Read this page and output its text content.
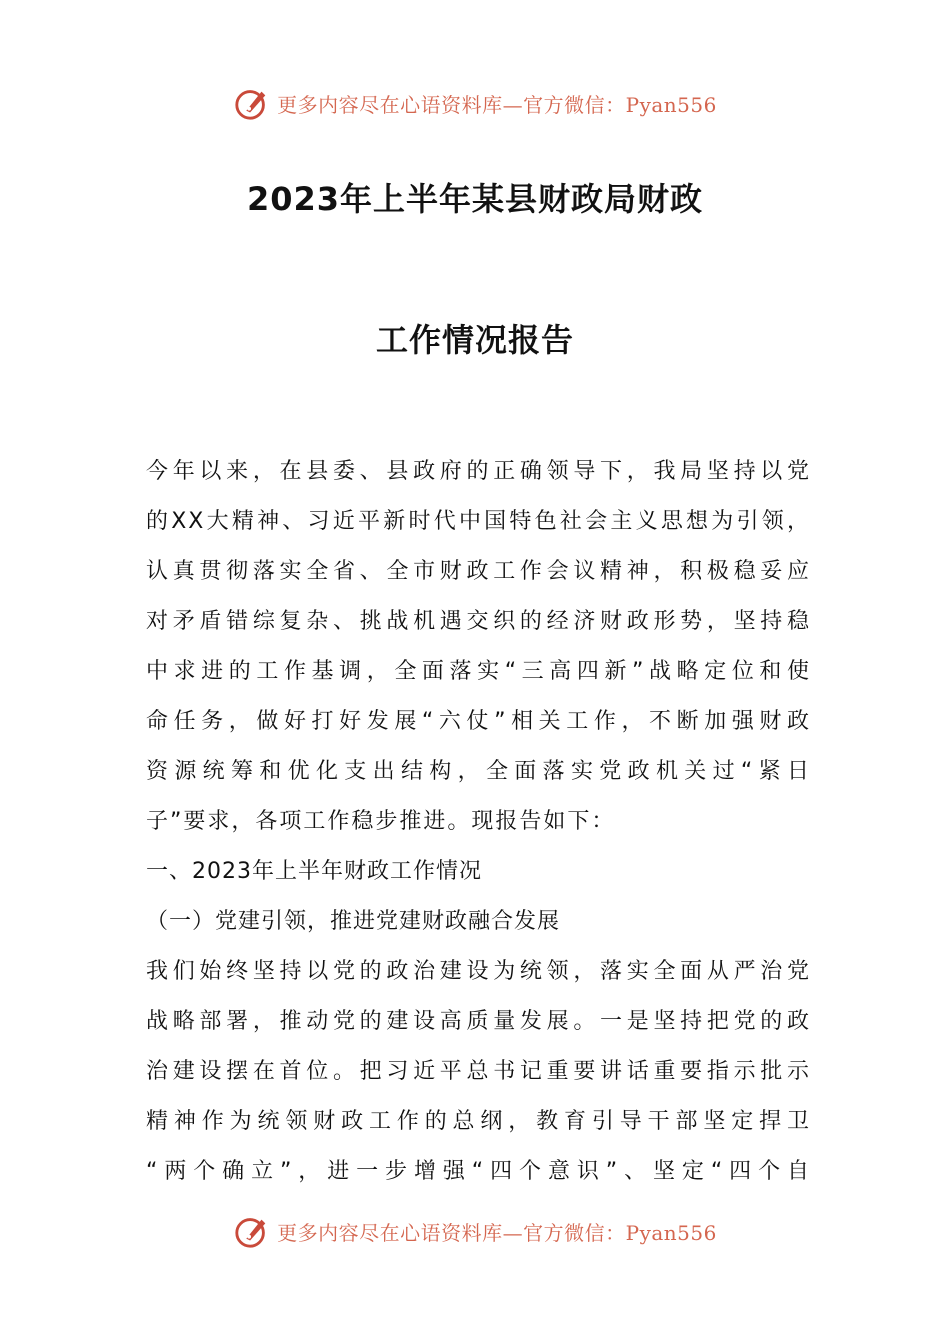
更多内容尽在心语资料库—官方微信：Pyan556
2023年上半年某县财政局财政
工作情况报告
今年以来，在县委、县政府的正确领导下，我局坚持以党
的XX大精神、习近平新时代中国特色社会主义思想为引领，
认真贯彻落实全省、全市财政工作会议精神，积极稳妥应
对矛盾错综复杂、挑战机遇交织的经济财政形势，坚持稳
中求进的工作基调，全面落实“三高四新”战略定位和使
命任务，做好打好发展“六仗”相关工作，不断加强财政
资源统筹和优化支出结构，全面落实党政机关过“紧日
子”要求，各项工作稳步推进。现报告如下：
一、2023年上半年财政工作情况
（一）党建引领，推进党建财政融合发展
我们始终坚持以党的政治建设为统领，落实全面从严治党
战略部署，推动党的建设高质量发展。一是坚持把党的政
治建设摆在首位。把习近平总书记重要讲话重要指示批示
精神作为统领财政工作的总纲，教育引导干部坚定捍卫
“两个确立”，进一步增强“四个意识”、坚定“四个自
更多内容尽在心语资料库—官方微信：Pyan556
